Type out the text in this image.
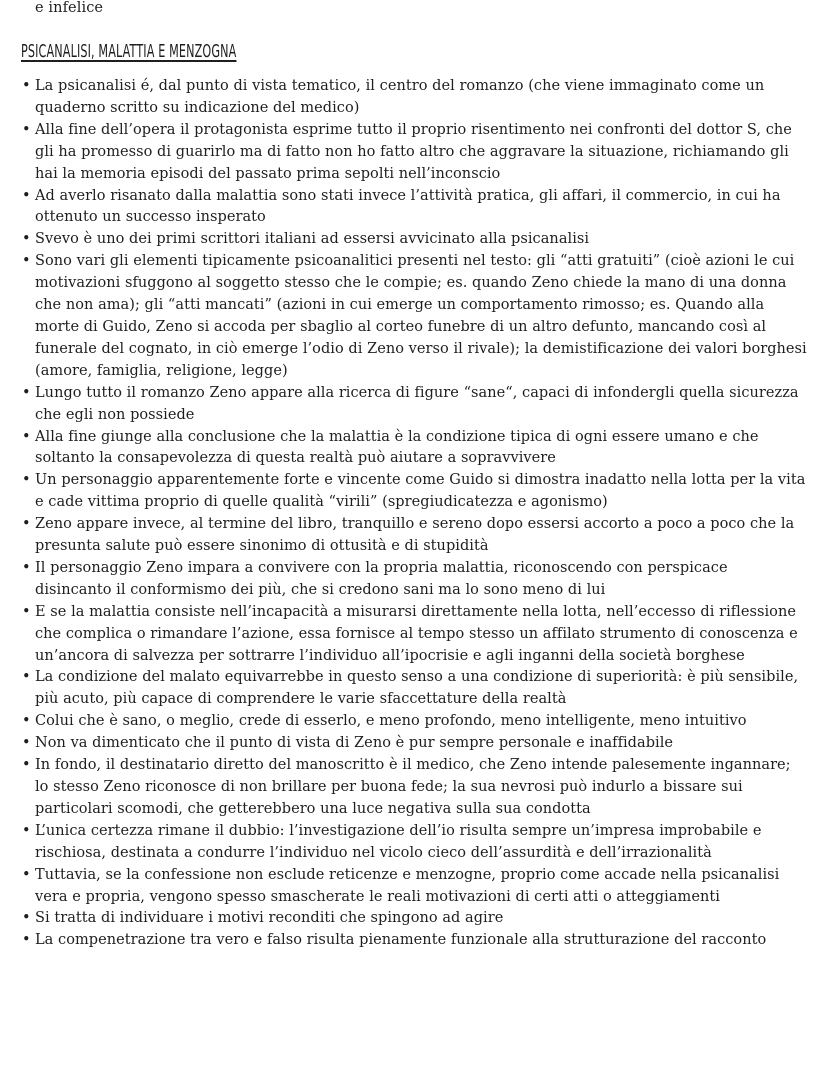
e infelice
PSICANALISI, MALATTIA E MENZOGNA
• La psicanalisi é, dal punto di vista tematico, il centro del romanzo (che viene immaginato come un quaderno scritto su indicazione del medico)
• Alla fine dell’opera il protagonista esprime tutto il proprio risentimento nei confronti del dottor S, che gli ha promesso di guarirlo ma di fatto non ho fatto altro che aggravare la situazione, richiamando gli hai la memoria episodi del passato prima sepolti nell’inconscio
• Ad averlo risanato dalla malattia sono stati invece l’attività pratica, gli affari, il commercio, in cui ha ottenuto un successo insperato
• Svevo è uno dei primi scrittori italiani ad essersi avvicinato alla psicanalisi
• Sono vari gli elementi tipicamente psicoanalitici presenti nel testo: gli “atti gratuiti” (cioè azioni le cui motivazioni sfuggono al soggetto stesso che le compie; es. quando Zeno chiede la mano di una donna che non ama); gli “atti mancati” (azioni in cui emerge un comportamento rimosso; es. Quando alla morte di Guido, Zeno si accoda per sbaglio al corteo funebre di un altro defunto, mancando così al funerale del cognato, in ciò emerge l’odio di Zeno verso il rivale); la demistificazione dei valori borghesi (amore, famiglia, religione, legge)
• Lungo tutto il romanzo Zeno appare alla ricerca di figure “sane“, capaci di infondergli quella sicurezza che egli non possiede
• Alla fine giunge alla conclusione che la malattia è la condizione tipica di ogni essere umano e che soltanto la consapevolezza di questa realtà può aiutare a sopravvivere
• Un personaggio apparentemente forte e vincente come Guido si dimostra inadatto nella lotta per la vita e cade vittima proprio di quelle qualità “virili” (spregiudicatezza e agonismo)
• Zeno appare invece, al termine del libro, tranquillo e sereno dopo essersi accorto a poco a poco che la presunta salute può essere sinonimo di ottusità e di stupidità
• Il personaggio Zeno impara a convivere con la propria malattia, riconoscendo con perspicace disincanto il conformismo dei più, che si credono sani ma lo sono meno di lui
• E se la malattia consiste nell’incapacità a misurarsi direttamente nella lotta, nell’eccesso di riflessione che complica o rimandare l’azione, essa fornisce al tempo stesso un affilato strumento di conoscenza e un’ancora di salvezza per sottrarre l’individuo all’ipocrisie e agli inganni della società borghese
• La condizione del malato equivarrebbe in questo senso a una condizione di superiorità: è più sensibile, più acuto, più capace di comprendere le varie sfaccettature della realtà
• Colui che è sano, o meglio, crede di esserlo, e meno profondo, meno intelligente, meno intuitivo
• Non va dimenticato che il punto di vista di Zeno è pur sempre personale e inaffidabile
• In fondo, il destinatario diretto del manoscritto è il medico, che Zeno intende palesemente ingannare; lo stesso Zeno riconosce di non brillare per buona fede; la sua nevrosi può indurlo a bissare sui particolari scomodi, che getterebbero una luce negativa sulla sua condotta
• L’unica certezza rimane il dubbio: l’investigazione dell’io risulta sempre un’impresa improbabile e rischiosa, destinata a condurre l’individuo nel vicolo cieco dell’assurdità e dell’irrazionalità
• Tuttavia, se la confessione non esclude reticenze e menzogne, proprio come accade nella psicanalisi vera e propria, vengono spesso smascherate le reali motivazioni di certi atti o atteggiamenti
• Si tratta di individuare i motivi reconditi che spingono ad agire
• La compenetrazione tra vero e falso risulta pienamente funzionale alla strutturazione del racconto
